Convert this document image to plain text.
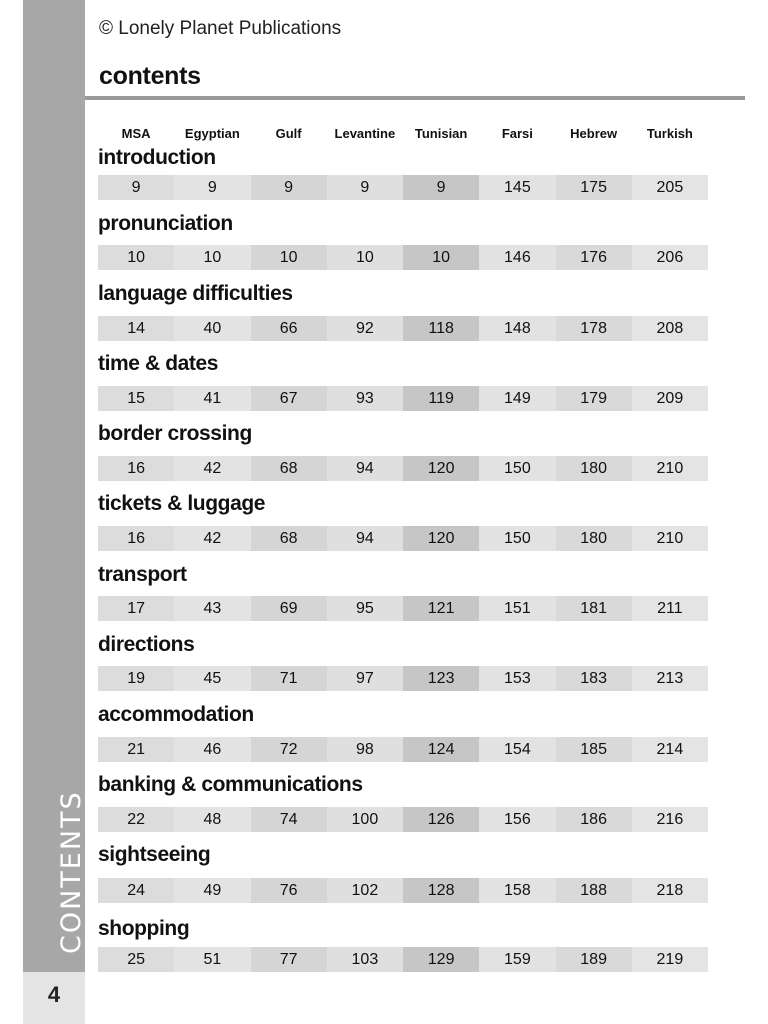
CONTENTS
4
© Lonely Planet Publications
contents
MSA	Egyptian	Gulf	Levantine	Tunisian	Farsi	Hebrew	Turkish
introduction
9	9	9	9	9	145	175	205
pronunciation
10	10	10	10	10	146	176	206
language difficulties
14	40	66	92	118	148	178	208
time & dates
15	41	67	93	119	149	179	209
border crossing
16	42	68	94	120	150	180	210
tickets & luggage
16	42	68	94	120	150	180	210
transport
17	43	69	95	121	151	181	211
directions
19	45	71	97	123	153	183	213
accommodation
21	46	72	98	124	154	185	214
banking & communications
22	48	74	100	126	156	186	216
sightseeing
24	49	76	102	128	158	188	218
shopping
25	51	77	103	129	159	189	219
